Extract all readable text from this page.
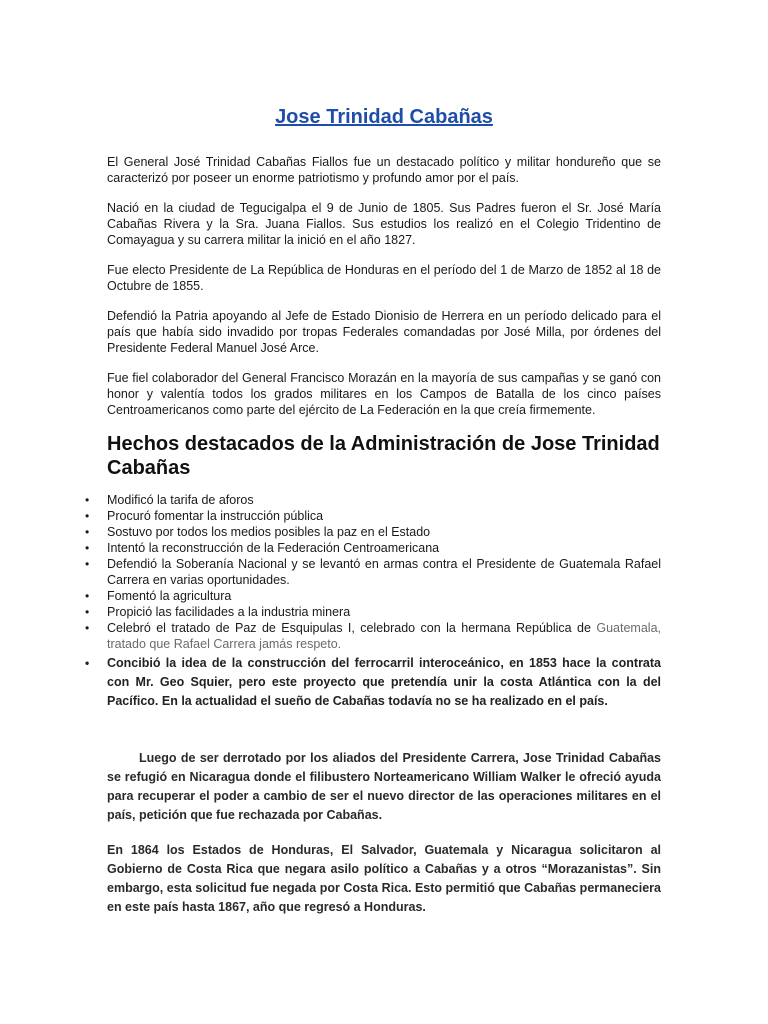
Jose Trinidad Cabañas

El General José Trinidad Cabañas Fiallos fue un destacado político y militar hondureño que se caracterizó por poseer un enorme patriotismo y profundo amor por el país.

Nació en la ciudad de Tegucigalpa el 9 de Junio de 1805. Sus Padres fueron el Sr. José María Cabañas Rivera y la Sra. Juana Fiallos. Sus estudios los realizó en el Colegio Tridentino de Comayagua y su carrera militar la inició en el año 1827.

Fue electo Presidente de La República de Honduras en el período del 1 de Marzo de 1852 al 18 de Octubre de 1855.

Defendió la Patria apoyando al Jefe de Estado Dionisio de Herrera en un período delicado para el país que había sido invadido por tropas Federales comandadas por José Milla, por órdenes del Presidente Federal Manuel José Arce.

Fue fiel colaborador del General Francisco Morazán en la mayoría de sus campañas y se ganó con honor y valentía todos los grados militares en los Campos de Batalla de los cinco países Centroamericanos como parte del ejército de La Federación en la que creía firmemente.

Hechos destacados de la Administración de Jose Trinidad Cabañas
• Modificó la tarifa de aforos
• Procuró fomentar la instrucción pública
• Sostuvo por todos los medios posibles la paz en el Estado
• Intentó la reconstrucción de la Federación Centroamericana
• Defendió la Soberanía Nacional y se levantó en armas contra el Presidente de Guatemala Rafael Carrera en varias oportunidades.
• Fomentó la agricultura
• Propició las facilidades a la industria minera
• Celebró el tratado de Paz de Esquipulas I, celebrado con la hermana República de Guatemala, tratado que Rafael Carrera jamás respeto.
• Concibió la idea de la construcción del ferrocarril interoceánico, en 1853 hace la contrata con Mr. Geo Squier, pero este proyecto que pretendía unir la costa Atlántica con la del Pacífico. En la actualidad el sueño de Cabañas todavía no se ha realizado en el país.

Luego de ser derrotado por los aliados del Presidente Carrera, Jose Trinidad Cabañas se refugió en Nicaragua donde el filibustero Norteamericano William Walker le ofreció ayuda para recuperar el poder a cambio de ser el nuevo director de las operaciones militares en el país, petición que fue rechazada por Cabañas.

En 1864 los Estados de Honduras, El Salvador, Guatemala y Nicaragua solicitaron al Gobierno de Costa Rica que negara asilo político a Cabañas y a otros “Morazanistas”. Sin embargo, esta solicitud fue negada por Costa Rica. Esto permitió que Cabañas permaneciera en este país hasta 1867, año que regresó a Honduras.
